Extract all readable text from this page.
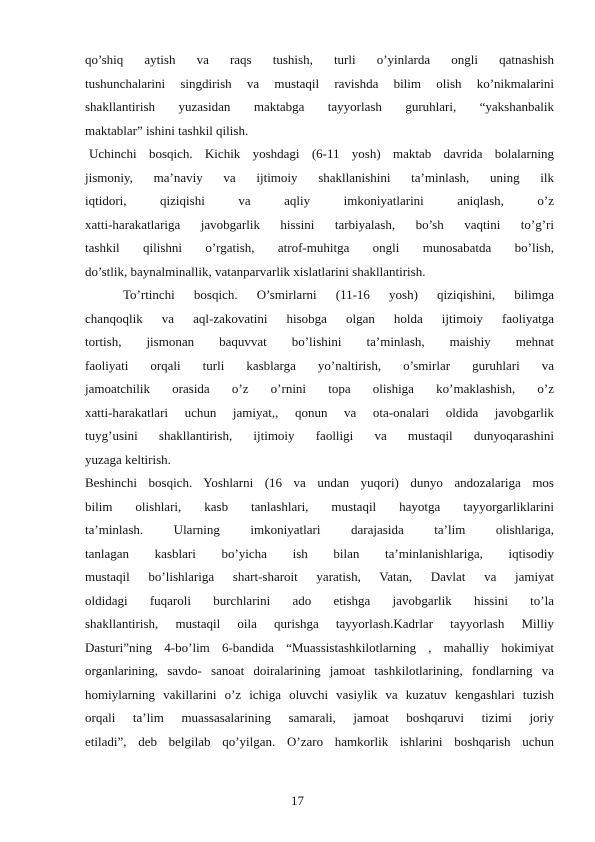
qo’shiq aytish va raqs tushish, turli o’yinlarda ongli qatnashish
tushunchalarini singdirish va mustaqil ravishda bilim olish ko’nikmalarini
shakllantirish yuzasidan maktabga tayyorlash guruhlari, “yakshanbalik
maktablar” ishini tashkil qilish.
Uchinchi bosqich. Kichik yoshdagi (6-11 yosh) maktab davrida bolalarning
jismoniy, ma’naviy va ijtimoiy shakllanishini ta’minlash, uning ilk
iqtidori, qiziqishi va aqliy imkoniyatlarini aniqlash, o’z
xatti-harakatlariga javobgarlik hissini tarbiyalash, bo’sh vaqtini to’g’ri
tashkil qilishni o’rgatish, atrof-muhitga ongli munosabatda bo’lish,
do’stlik, baynalminallik, vatanparvarlik xislatlarini shakllantirish.
To’rtinchi bosqich. O’smirlarni (11-16 yosh) qiziqishini, bilimga
chanqoqlik va aql-zakovatini hisobga olgan holda ijtimoiy faoliyatga
tortish, jismonan baquvvat bo’lishini ta’minlash, maishiy mehnat
faoliyati orqali turli kasblarga yo’naltirish, o’smirlar guruhlari va
jamoatchilik orasida o’z o’rnini topa olishiga ko’maklashish, o’z
xatti-harakatlari uchun jamiyat,, qonun va ota-onalari oldida javobgarlik
tuyg’usini shakllantirish, ijtimoiy faolligi va mustaqil dunyoqarashini
yuzaga keltirish.
Beshinchi bosqich. Yoshlarni (16 va undan yuqori) dunyo andozalariga mos
bilim olishlari, kasb tanlashlari, mustaqil hayotga tayyorgarliklarini
ta’minlash. Ularning imkoniyatlari darajasida ta’lim olishlariga,
tanlagan kasblari bo’yicha ish bilan ta’minlanishlariga, iqtisodiy
mustaqil bo’lishlariga shart-sharoit yaratish, Vatan, Davlat va jamiyat
oldidagi fuqaroli burchlarini ado etishga javobgarlik hissini to’la
shakllantirish, mustaqil oila qurishga tayyorlash.Kadrlar tayyorlash Milliy
Dasturi”ning 4-bo’lim 6-bandida “Muassistashkilotlarning , mahalliy hokimiyat
organlarining, savdo- sanoat doiralarining jamoat tashkilotlarining, fondlarning va
homiylarning vakillarini o’z ichiga oluvchi vasiylik va kuzatuv kengashlari tuzish
orqali ta’lim muassasalarining samarali, jamoat boshqaruvi tizimi joriy
etiladi”, deb belgilab qo’yilgan. O’zaro hamkorlik ishlarini boshqarish uchun
17
